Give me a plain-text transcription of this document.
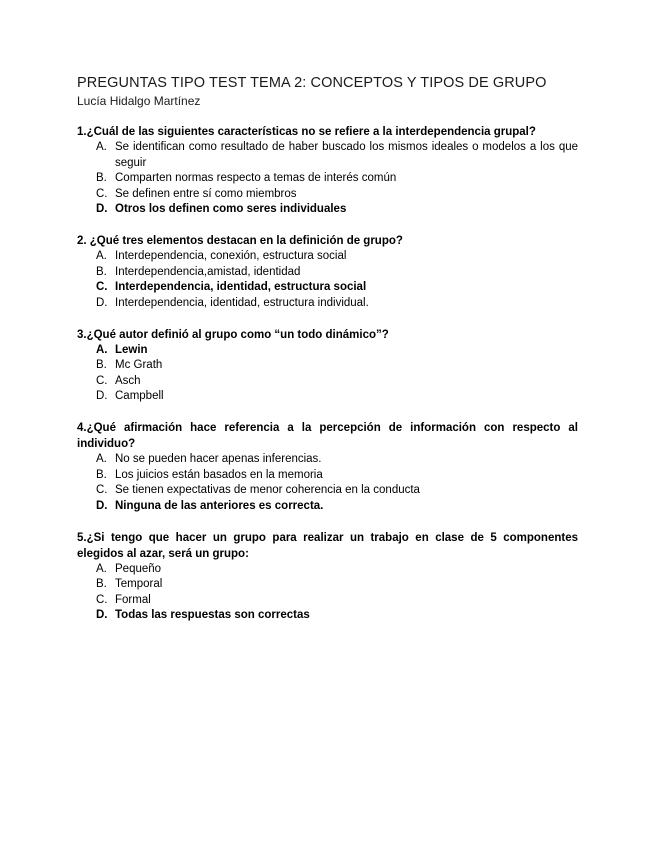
PREGUNTAS TIPO TEST TEMA 2: CONCEPTOS Y TIPOS DE GRUPO
Lucía Hidalgo Martínez

1.¿Cuál de las siguientes características no se refiere a la interdependencia grupal?

A. Se identifican como resultado de haber buscado los mismos ideales o modelos a los que seguir
B. Comparten normas respecto a temas de interés común
C. Se definen entre sí como miembros
D. Otros los definen como seres individuales

2. ¿Qué tres elementos destacan en la definición de grupo?

A. Interdependencia, conexión, estructura social
B. Interdependencia,amistad, identidad
C. Interdependencia, identidad, estructura social
D. Interdependencia, identidad, estructura individual.

3.¿Qué autor definió al grupo como “un todo dinámico”?

A. Lewin
B. Mc Grath
C. Asch
D. Campbell

4.¿Qué afirmación hace referencia a la percepción de información con respecto al individuo?

A. No se pueden hacer apenas inferencias.
B. Los juicios están basados en la memoria
C. Se tienen expectativas de menor coherencia en la conducta
D. Ninguna de las anteriores es correcta.

5.¿Si tengo que hacer un grupo para realizar un trabajo en clase de 5 componentes elegidos al azar, será un grupo:

A. Pequeño
B. Temporal
C. Formal
D. Todas las respuestas son correctas
